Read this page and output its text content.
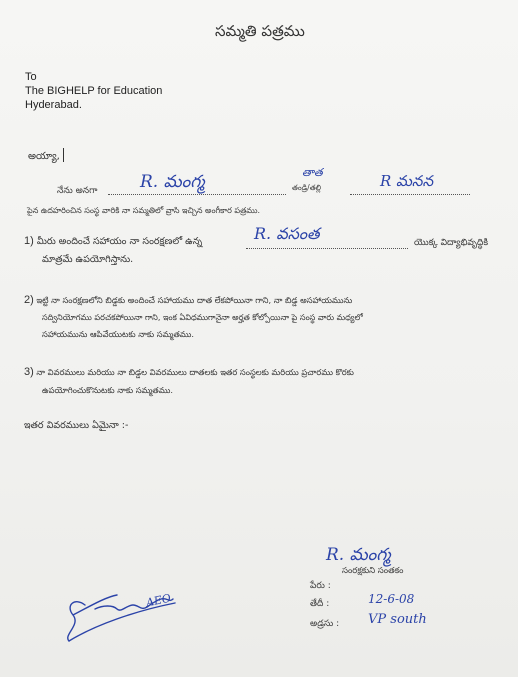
సమ్మతి పత్రము
To
The BIGHELP for Education
Hyderabad.
అయ్యా,
నేను అనగా	R. మంగ్మ	తాత
తండ్రి/తల్లి	R మనన
పైన ఉదహరించిన సంస్థ వారికి నా సమ్మతిలో వ్రాసి ఇచ్చిన అంగీకార పత్రము.
1) మీరు అందించే సహాయం నా సంరక్షణలో ఉన్న	R. వసంత	యొక్క విద్యాభివృద్ధికి
మాత్రమే ఉపయోగిస్తాను.
2) ఇట్టి నా సంరక్షణలోని బిడ్డకు అందించే సహాయము దాత లేకపోయినా గాని, నా బిడ్డ అసహాయమును
సద్వినియోగము పరచకపోయినా గాని, ఇంక ఏవిధముగానైనా అర్హత కోల్పోయినా పై సంస్థ వారు మధ్యలో
సహాయమును ఆపివేయుటకు నాకు సమ్మతము.
3) నా వివరములు మరియు నా బిడ్డల వివరములు దాతలకు ఇతర సంస్థలకు మరియు ప్రచారము కొరకు
ఉపయోగించుకొనుటకు నాకు సమ్మతము.
ఇతర వివరములు ఏమైనా :-
R. మంగ్మ
సంరక్షకుని సంతకం
పేరు :
తేదీ :	12-6-08
అడ్రసు : VP south
AEO
